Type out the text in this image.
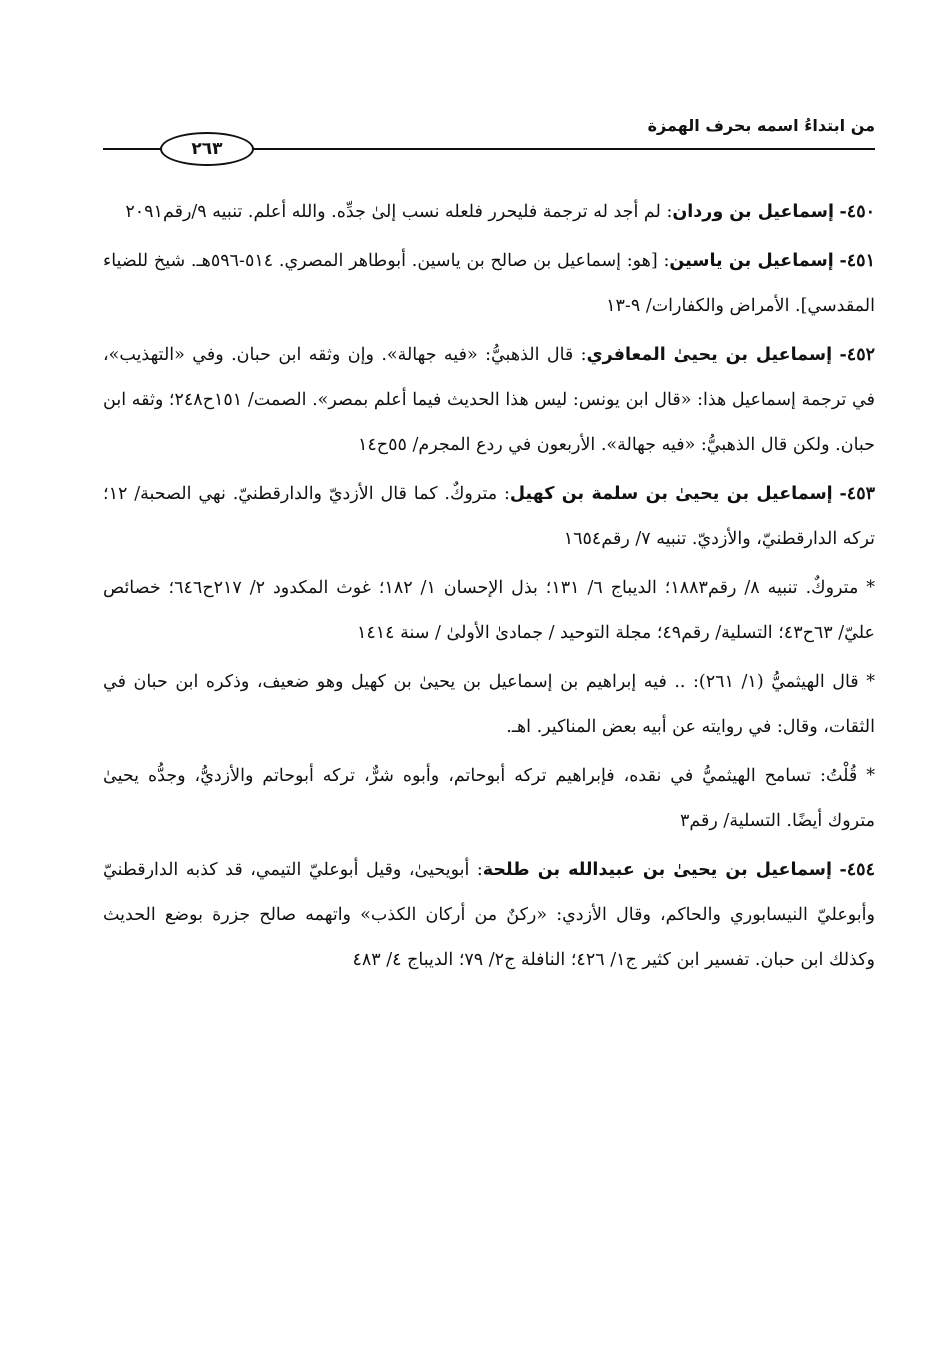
من ابتداءُ اسمه بحرف الهمزة
٢٦٣

٤٥٠- إسماعيل بن وردان: لم أجد له ترجمة فليحرر فلعله نسب إلىٰ جدِّه. والله أعلم. تنبيه ٩/رقم٢٠٩١

٤٥١- إسماعيل بن ياسين: [هو: إسماعيل بن صالح بن ياسين. أبوطاهر المصري. ٥١٤-٥٩٦هـ. شيخ للضياء المقدسي]. الأمراض والكفارات/ ٩-١٣

٤٥٢- إسماعيل بن يحيىٰ المعافري: قال الذهبيُّ: «فيه جهالة». وإن وثقه ابن حبان. وفي «التهذيب»، في ترجمة إسماعيل هذا: «قال ابن يونس: ليس هذا الحديث فيما أعلم بمصر». الصمت/ ١٥١ح٢٤٨؛ وثقه ابن حبان. ولكن قال الذهبيُّ: «فيه جهالة». الأربعون في ردع المجرم/ ٥٥ح١٤

٤٥٣- إسماعيل بن يحيىٰ بن سلمة بن كهيل: متروكٌ. كما قال الأزديّ والدارقطنيّ. نهي الصحبة/ ١٢؛ تركه الدارقطنيّ، والأزديّ. تنبيه ٧/ رقم١٦٥٤

* متروكٌ. تنبيه ٨/ رقم١٨٨٣؛ الديباج ٦/ ١٣١؛ بذل الإحسان ١/ ١٨٢؛ غوث المكدود ٢/ ٢١٧ح٦٤٦؛ خصائص عليّ/ ٦٣ح٤٣؛ التسلية/ رقم٤٩؛ مجلة التوحيد / جمادىٰ الأولىٰ / سنة ١٤١٤

* قال الهيثميُّ (١/ ٢٦١): .. فيه إبراهيم بن إسماعيل بن يحيىٰ بن كهيل وهو ضعيف، وذكره ابن حبان في الثقات، وقال: في روايته عن أبيه بعض المناكير. اهـ.

* قُلْتُ: تسامح الهيثميُّ في نقده، فإبراهيم تركه أبوحاتم، وأبوه شرٌّ، تركه أبوحاتم والأزديُّ، وجدُّه يحيىٰ متروك أيضًا. التسلية/ رقم٣

٤٥٤- إسماعيل بن يحيىٰ بن عبيدالله بن طلحة: أبويحيىٰ، وقيل أبوعليّ التيمي، قد كذبه الدارقطنيّ وأبوعليّ النيسابوري والحاكم، وقال الأزدي: «ركنٌ من أركان الكذب» واتهمه صالح جزرة بوضع الحديث وكذلك ابن حبان. تفسير ابن كثير ج١/ ٤٢٦؛ النافلة ج٢/ ٧٩؛ الديباج ٤/ ٤٨٣
